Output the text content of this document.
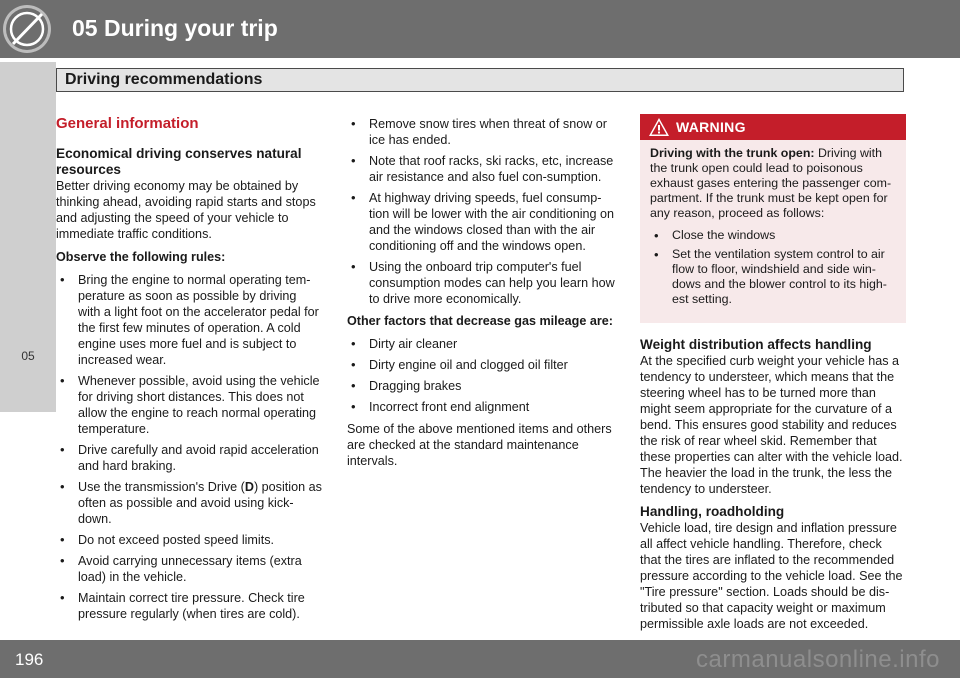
05 During your trip
Driving recommendations
05
General information
Economical driving conserves natural resources

Better driving economy may be obtained by thinking ahead, avoiding rapid starts and stops and adjusting the speed of your vehicle to immediate traffic conditions.

Observe the following rules:

• Bring the engine to normal operating tem-perature as soon as possible by driving with a light foot on the accelerator pedal for the first few minutes of operation. A cold engine uses more fuel and is subject to increased wear.
• Whenever possible, avoid using the vehicle for driving short distances. This does not allow the engine to reach normal operating temperature.
• Drive carefully and avoid rapid acceleration and hard braking.
• Use the transmission's Drive (D) position as often as possible and avoid using kick-down.
• Do not exceed posted speed limits.
• Avoid carrying unnecessary items (extra load) in the vehicle.
• Maintain correct tire pressure. Check tire pressure regularly (when tires are cold).
• Remove snow tires when threat of snow or ice has ended.
• Note that roof racks, ski racks, etc, increase air resistance and also fuel con-sumption.
• At highway driving speeds, fuel consump-tion will be lower with the air conditioning on and the windows closed than with the air conditioning off and the windows open.
• Using the onboard trip computer's fuel consumption modes can help you learn how to drive more economically.

Other factors that decrease gas mileage are:

• Dirty air cleaner
• Dirty engine oil and clogged oil filter
• Dragging brakes
• Incorrect front end alignment

Some of the above mentioned items and others are checked at the standard maintenance intervals.

WARNING

Driving with the trunk open: Driving with the trunk open could lead to poisonous exhaust gases entering the passenger com-partment. If the trunk must be kept open for any reason, proceed as follows:

• Close the windows
• Set the ventilation system control to air flow to floor, windshield and side win-dows and the blower control to its high-est setting.
Weight distribution affects handling

At the specified curb weight your vehicle has a tendency to understeer, which means that the steering wheel has to be turned more than might seem appropriate for the curvature of a bend. This ensures good stability and reduces the risk of rear wheel skid. Remember that these properties can alter with the vehicle load. The heavier the load in the trunk, the less the tendency to understeer.

Handling, roadholding

Vehicle load, tire design and inflation pressure all affect vehicle handling. Therefore, check that the tires are inflated to the recommended pressure according to the vehicle load. See the "Tire pressure" section. Loads should be dis-tributed so that capacity weight or maximum permissible axle loads are not exceeded.

196	carmanualsonline.info
